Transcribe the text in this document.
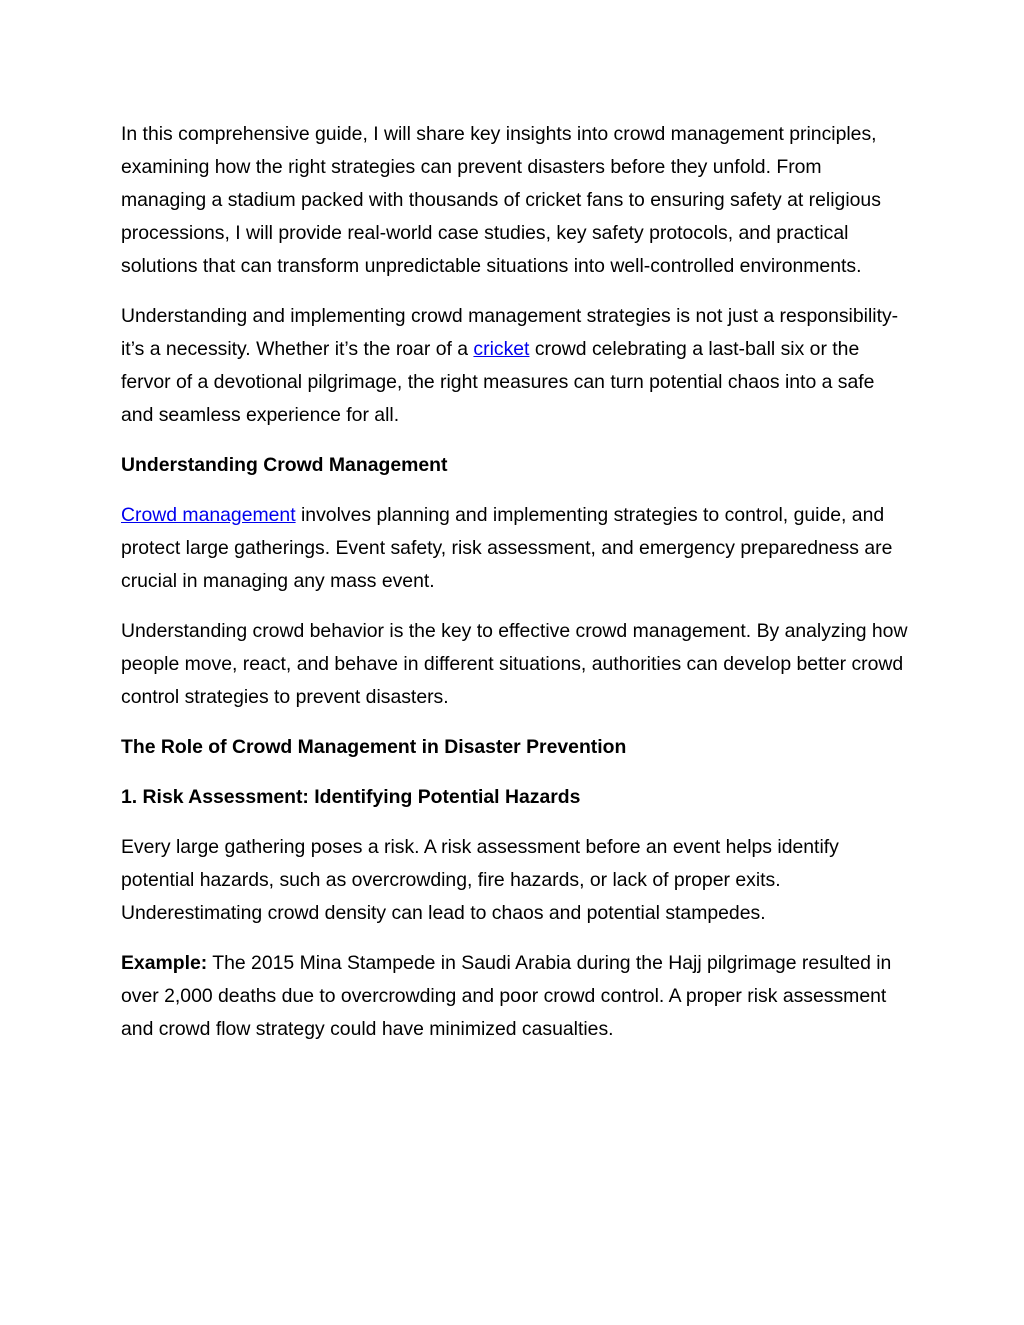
In this comprehensive guide, I will share key insights into crowd management principles, examining how the right strategies can prevent disasters before they unfold. From managing a stadium packed with thousands of cricket fans to ensuring safety at religious processions, I will provide real-world case studies, key safety protocols, and practical solutions that can transform unpredictable situations into well-controlled environments.

Understanding and implementing crowd management strategies is not just a responsibility-it’s a necessity. Whether it’s the roar of a cricket crowd celebrating a last-ball six or the fervor of a devotional pilgrimage, the right measures can turn potential chaos into a safe and seamless experience for all.

Understanding Crowd Management

Crowd management involves planning and implementing strategies to control, guide, and protect large gatherings. Event safety, risk assessment, and emergency preparedness are crucial in managing any mass event.

Understanding crowd behavior is the key to effective crowd management. By analyzing how people move, react, and behave in different situations, authorities can develop better crowd control strategies to prevent disasters.

The Role of Crowd Management in Disaster Prevention

1. Risk Assessment: Identifying Potential Hazards

Every large gathering poses a risk. A risk assessment before an event helps identify potential hazards, such as overcrowding, fire hazards, or lack of proper exits. Underestimating crowd density can lead to chaos and potential stampedes.

Example: The 2015 Mina Stampede in Saudi Arabia during the Hajj pilgrimage resulted in over 2,000 deaths due to overcrowding and poor crowd control. A proper risk assessment and crowd flow strategy could have minimized casualties.
